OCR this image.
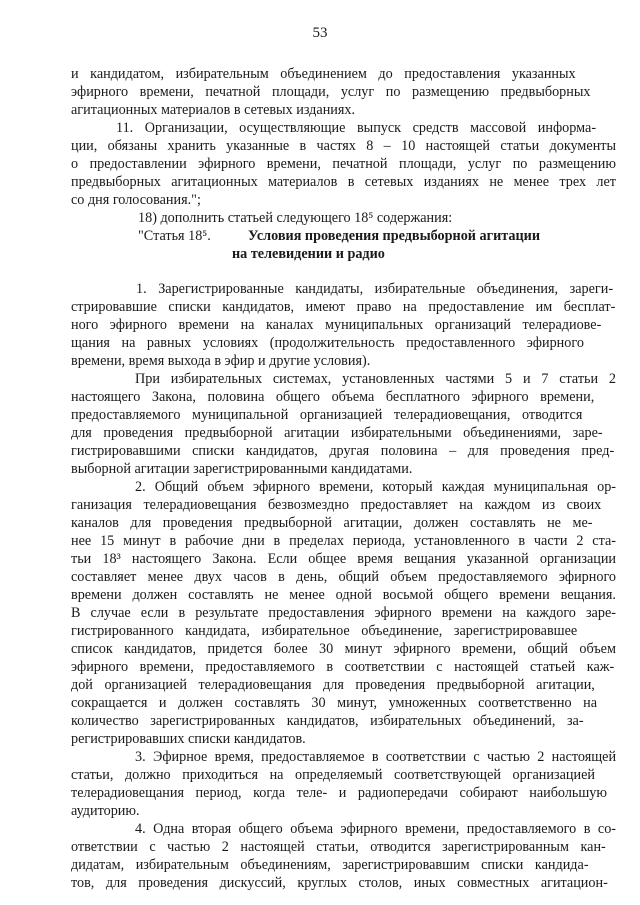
53

и кандидатом, избирательным объединением до предоставления указанных

эфирного времени, печатной площади, услуг по размещению предвыборных

агитационных материалов в сетевых изданиях.

11. Организации, осуществляющие выпуск средств массовой информа-

ции, обязаны хранить указанные в частях 8 – 10 настоящей статьи документы

о предоставлении эфирного времени, печатной площади, услуг по размещению

предвыборных агитационных материалов в сетевых изданиях не менее трех лет

со дня голосования.";

18) дополнить статьей следующего 18⁵ содержания:

"Статья 18⁵.	Условия проведения предвыборной агитации

на телевидении и радио

1. Зарегистрированные кандидаты, избирательные объединения, зареги-

стрировавшие списки кандидатов, имеют право на предоставление им бесплат-

ного эфирного времени на каналах муниципальных организаций телерадиове-

щания на равных условиях (продолжительность предоставленного эфирного

времени, время выхода в эфир и другие условия).

При избирательных системах, установленных частями 5 и 7 статьи 2

настоящего Закона, половина общего объема бесплатного эфирного времени,

предоставляемого муниципальной организацией телерадиовещания, отводится

для проведения предвыборной агитации избирательными объединениями, заре-

гистрировавшими списки кандидатов, другая половина – для проведения пред-

выборной агитации зарегистрированными кандидатами.

2. Общий объем эфирного времени, который каждая муниципальная ор-

ганизация телерадиовещания безвозмездно предоставляет на каждом из своих

каналов для проведения предвыборной агитации, должен составлять не ме-

нее 15 минут в рабочие дни в пределах периода, установленного в части 2 ста-

тьи 18³ настоящего Закона. Если общее время вещания указанной организации

составляет менее двух часов в день, общий объем предоставляемого эфирного

времени должен составлять не менее одной восьмой общего времени вещания.

В случае если в результате предоставления эфирного времени на каждого заре-

гистрированного кандидата, избирательное объединение, зарегистрировавшее

список кандидатов, придется более 30 минут эфирного времени, общий объем

эфирного времени, предоставляемого в соответствии с настоящей статьей каж-

дой организацией телерадиовещания для проведения предвыборной агитации,

сокращается и должен составлять 30 минут, умноженных соответственно на

количество зарегистрированных кандидатов, избирательных объединений, за-

регистрировавших списки кандидатов.

3. Эфирное время, предоставляемое в соответствии с частью 2 настоящей

статьи, должно приходиться на определяемый соответствующей организацией

телерадиовещания период, когда теле- и радиопередачи собирают наибольшую

аудиторию.

4. Одна вторая общего объема эфирного времени, предоставляемого в со-

ответствии с частью 2 настоящей статьи, отводится зарегистрированным кан-

дидатам, избирательным объединениям, зарегистрировавшим списки кандида-

тов, для проведения дискуссий, круглых столов, иных совместных агитацион-
